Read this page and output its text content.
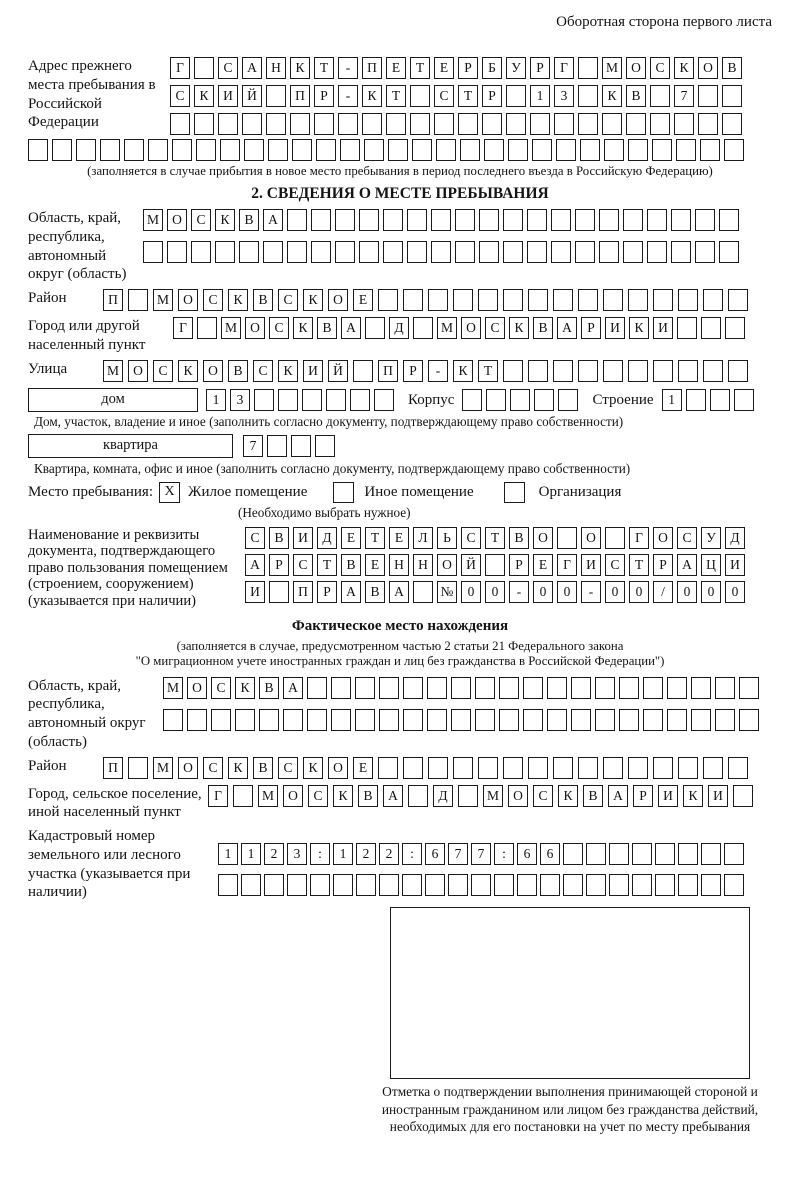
Оборотная сторона первого листа
Адрес прежнего места пребывания в Российской Федерации
Г	С	А	Н	К	Т	-	П	Е	Т	Е	Р	Б	У	Р	Г	М О	С	К	О	В
С	К	И	Й	П	Р	-	К	Т	С	Т	Р	1	3	К	В	7
(заполняется в случае прибытия в новое место пребывания в период последнего въезда в Российскую Федерацию)
2. СВЕДЕНИЯ О МЕСТЕ ПРЕБЫВАНИЯ
Область, край, республика, автономный округ (область)
М О	С	К	В	А
Район	П	М	О	С	К	В	С	К	О	Е
Город или другой населенный пункт
Г	М О	С	К	В	А	Д	М О	С	К	В	А	Р	И	К	И
Улица	М	О	С	К	О	В	С	К	И	Й	П	Р	-	К	Т
дом	1	3	Корпус	Строение	1
Дом, участок, владение и иное (заполнить согласно документу, подтверждающему право собственности)
квартира	7
Квартира, комната, офис и иное (заполнить согласно документу, подтверждающему право собственности)
Место пребывания: X Жилое помещение	Иное помещение	Организация
(Необходимо выбрать нужное)
Наименование и реквизиты документа, подтверждающего право пользования помещением (строением, сооружением) (указывается при наличии)
С	В	И	Д	Е	Т	Е	Л	Ь	С	Т	В	О	О	Г	О	С	У	Д
А	Р	С	Т	В	Е	Н	Н	О	Й	Р	Е	Г	И	С	Т	Р	А	Ц	И
И	П	Р	А	В	А	№	0	0	-	0	0	-	0	0	/	0	0	0
Фактическое место нахождения
(заполняется в случае, предусмотренном частью 2 статьи 21 Федерального закона
"О миграционном учете иностранных граждан и лиц без гражданства в Российской Федерации")
Область, край, республика, автономный округ (область)
М О	С	К	В	А
Район	П	М	О	С	К	В	С	К	О	Е
Город, сельское поселение, иной населенный пункт
Г	М	О	С	К	В	А	Д	М	О	С	К	В	А	Р	И	К	И
Кадастровый номер земельного или лесного участка (указывается при наличии)
1	1	2	3	:	1	2	2	:	6	7	7	:	6	6
Отметка о подтверждении выполнения принимающей стороной и иностранным гражданином или лицом без гражданства действий, необходимых для его постановки на учет по месту пребывания
